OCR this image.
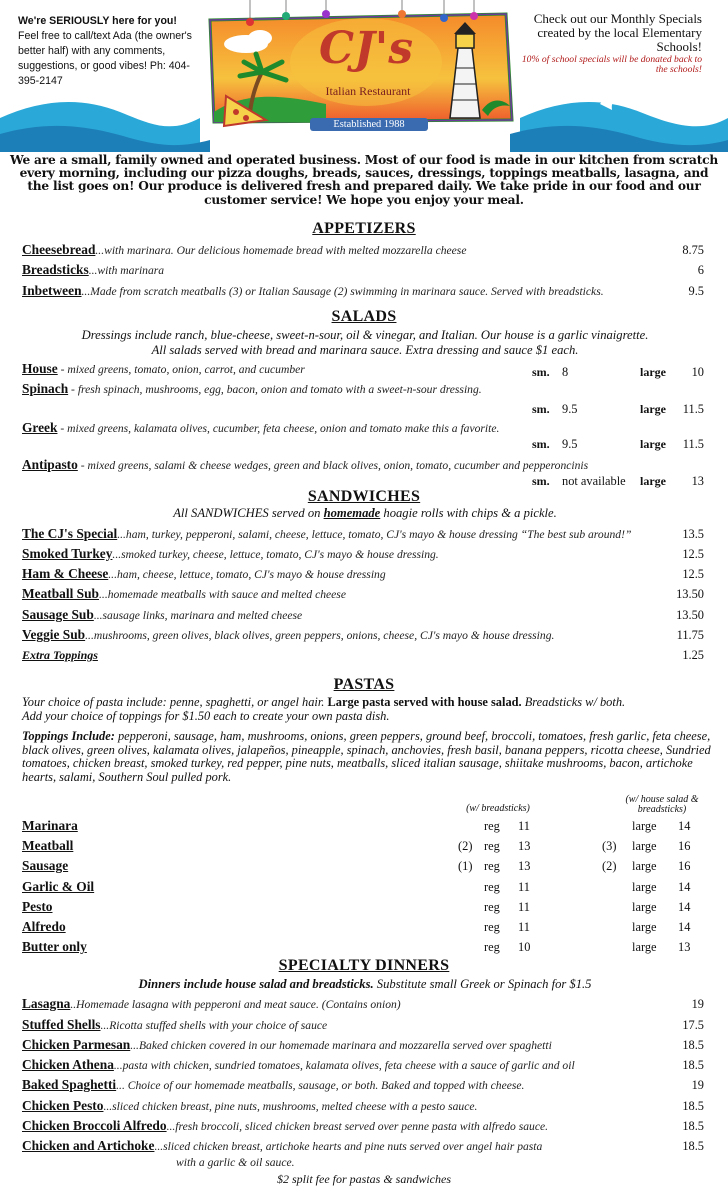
We're SERIOUSLY here for you!
Feel free to call/text Ada (the owner's better half) with any comments, suggestions, or good vibes! Ph: 404-395-2147
CJ's
Italian Restaurant
Established 1988
Check out our Monthly Specials created by the local Elementary Schools!
10% of school specials will be donated back to the schools!
We are a small, family owned and operated business. Most of our food is made in our kitchen from scratch every morning, including our pizza doughs, breads, sauces, dressings, toppings meatballs, lasagna, and the list goes on! Our produce is delivered fresh and prepared daily. We take pride in our food and our customer service! We hope you enjoy your meal.
APPETIZERS
Cheesebread...with marinara. Our delicious homemade bread with melted mozzarella cheese	8.75
Breadsticks...with marinara	6
Inbetween...Made from scratch meatballs (3) or Italian Sausage (2) swimming in marinara sauce. Served with breadsticks.	9.5
SALADS
Dressings include ranch, blue-cheese, sweet-n-sour, oil & vinegar, and Italian. Our house is a garlic vinaigrette.
All salads served with bread and marinara sauce. Extra dressing and sauce $1 each.
House - mixed greens, tomato, onion, carrot, and cucumber	sm. 8	large 10
Spinach - fresh spinach, mushrooms, egg, bacon, onion and tomato with a sweet-n-sour dressing.
sm. 9.5	large 11.5
Greek - mixed greens, kalamata olives, cucumber, feta cheese, onion and tomato make this a favorite.
sm. 9.5	large 11.5
Antipasto - mixed greens, salami & cheese wedges, green and black olives, onion, tomato, cucumber and pepperoncinis
sm. not available large 13
SANDWICHES
All SANDWICHES served on homemade hoagie rolls with chips & a pickle.
The CJ's Special...ham, turkey, pepperoni, salami, cheese, lettuce, tomato, CJ's mayo & house dressing “The best sub around!”	13.5
Smoked Turkey...smoked turkey, cheese, lettuce, tomato, CJ's mayo & house dressing.	12.5
Ham & Cheese...ham, cheese, lettuce, tomato, CJ's mayo & house dressing	12.5
Meatball Sub...homemade meatballs with sauce and melted cheese	13.50
Sausage Sub...sausage links, marinara and melted cheese	13.50
Veggie Sub...mushrooms, green olives, black olives, green peppers, onions, cheese, CJ's mayo & house dressing.	11.75
Extra Toppings	1.25
PASTAS
Your choice of pasta include: penne, spaghetti, or angel hair. Large pasta served with house salad. Breadsticks w/ both.
Add your choice of toppings for $1.50 each to create your own pasta dish.
Toppings Include: pepperoni, sausage, ham, mushrooms, onions, green peppers, ground beef, broccoli, tomatoes, fresh garlic, feta cheese, black olives, green olives, kalamata olives, jalapeños, pineapple, spinach, anchovies, fresh basil, banana peppers, ricotta cheese, Sundried tomatoes, chicken breast, smoked turkey, red pepper, pine nuts, meatballs, sliced italian sausage, shiitake mushrooms, bacon, artichoke hearts, salami, Southern Soul pulled pork.
(w/ breadsticks)
(w/ house salad & breadsticks)
Marinara	reg 11	large 14
Meatball	(2) reg 13	(3) large 16
Sausage	(1) reg 13	(2) large 16
Garlic & Oil	reg 11	large 14
Pesto	reg 11	large 14
Alfredo	reg 11	large 14
Butter only	reg 10	large 13
SPECIALTY DINNERS
Dinners include house salad and breadsticks. Substitute small Greek or Spinach for $1.5
Lasagna..Homemade lasagna with pepperoni and meat sauce. (Contains onion)	19
Stuffed Shells...Ricotta stuffed shells with your choice of sauce	17.5
Chicken Parmesan...Baked chicken covered in our homemade marinara and mozzarella served over spaghetti	18.5
Chicken Athena...pasta with chicken, sundried tomatoes, kalamata olives, feta cheese with a sauce of garlic and oil	18.5
Baked Spaghetti... Choice of our homemade meatballs, sausage, or both. Baked and topped with cheese.	19
Chicken Pesto...sliced chicken breast, pine nuts, mushrooms, melted cheese with a pesto sauce.	18.5
Chicken Broccoli Alfredo...fresh broccoli, sliced chicken breast served over penne pasta with alfredo sauce.	18.5
Chicken and Artichoke...sliced chicken breast, artichoke hearts and pine nuts served over angel hair pasta	18.5
with a garlic & oil sauce.
$2 split fee for pastas & sandwiches
